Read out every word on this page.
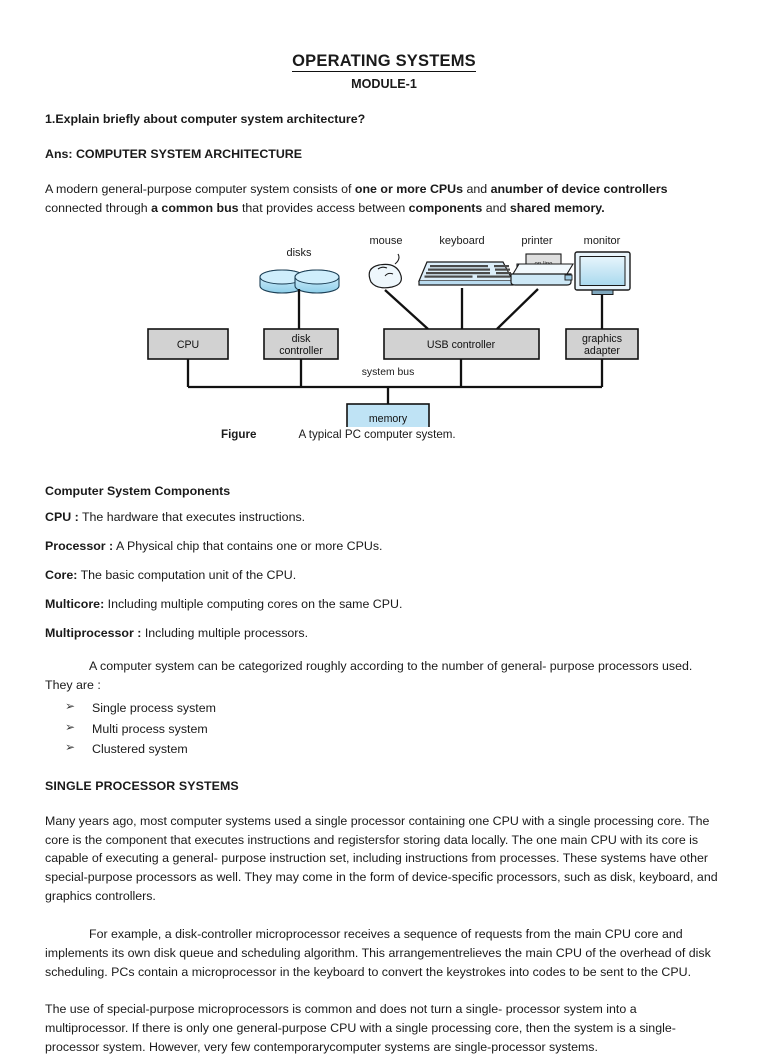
OPERATING SYSTEMS
MODULE-1
1.Explain briefly about computer system architecture?
Ans: COMPUTER SYSTEM ARCHITECTURE

A modern general-purpose computer system consists of one or more CPUs and anumber of device controllers connected through a common bus that provides access between components and shared memory.

disks
mouse	keyboard	printer	monitor
CPU	disk
controller	USB controller	graphics
adapter
system bus
memory
Figure	A typical PC computer system.
Computer System Components
CPU : The hardware that executes instructions.
Processor : A Physical chip that contains one or more CPUs.
Core: The basic computation unit of the CPU.
Multicore: Including multiple computing cores on the same CPU.
Multiprocessor : Including multiple processors.

A computer system can be categorized roughly according to the number of general- purpose processors used. They are :

➢ Single process system
➢ Multi process system
➢ Clustered system
SINGLE PROCESSOR SYSTEMS

Many years ago, most computer systems used a single processor containing one CPU with a single processing core. The core is the component that executes instructions and registersfor storing data locally. The one main CPU with its core is capable of executing a general- purpose instruction set, including instructions from processes. These systems have other special-purpose processors as well. They may come in the form of device-specific processors, such as disk, keyboard, and graphics controllers.

For example, a disk-controller microprocessor receives a sequence of requests from the main CPU core and implements its own disk queue and scheduling algorithm. This arrangementrelieves the main CPU of the overhead of disk scheduling. PCs contain a microprocessor in the keyboard to convert the keystrokes into codes to be sent to the CPU.

The use of special-purpose microprocessors is common and does not turn a single- processor system into a multiprocessor. If there is only one general-purpose CPU with a single processing core, then the system is a single-processor system. However, very few contemporarycomputer systems are single-processor systems.
